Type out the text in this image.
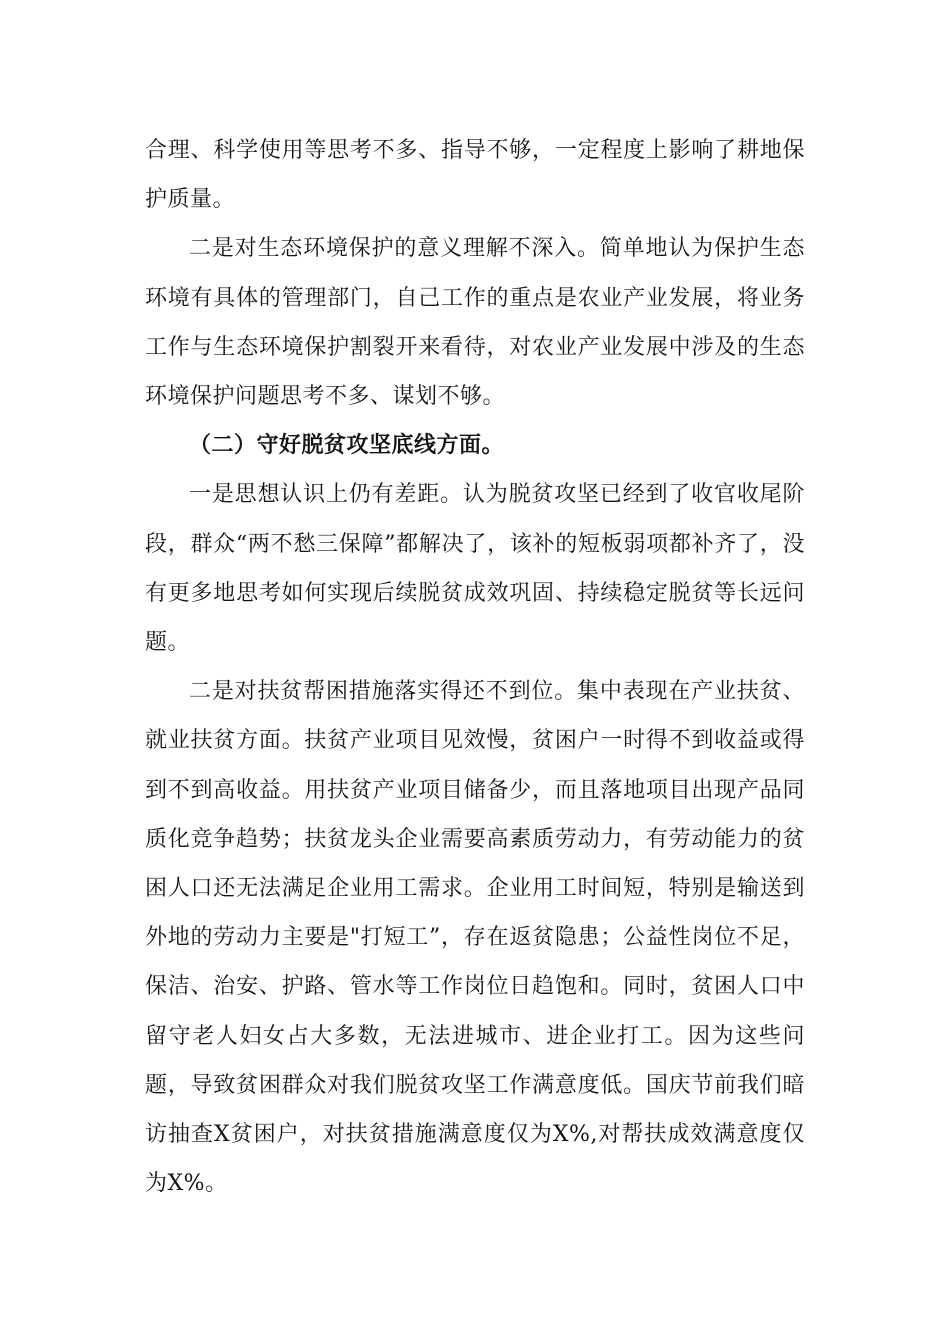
合理、科学使用等思考不多、指导不够，一定程度上影响了耕地保护质量。

二是对生态环境保护的意义理解不深入。简单地认为保护生态环境有具体的管理部门，自己工作的重点是农业产业发展，将业务工作与生态环境保护割裂开来看待，对农业产业发展中涉及的生态环境保护问题思考不多、谋划不够。

（二）守好脱贫攻坚底线方面。

一是思想认识上仍有差距。认为脱贫攻坚已经到了收官收尾阶段，群众“两不愁三保障”都解决了，该补的短板弱项都补齐了，没有更多地思考如何实现后续脱贫成效巩固、持续稳定脱贫等长远问题。

二是对扶贫帮困措施落实得还不到位。集中表现在产业扶贫、就业扶贫方面。扶贫产业项目见效慢，贫困户一时得不到收益或得到不到高收益。用扶贫产业项目储备少，而且落地项目出现产品同质化竞争趋势；扶贫龙头企业需要高素质劳动力，有劳动能力的贫困人口还无法满足企业用工需求。企业用工时间短，特别是输送到外地的劳动力主要是"打短工”，存在返贫隐患；公益性岗位不足，保洁、治安、护路、管水等工作岗位日趋饱和。同时，贫困人口中留守老人妇女占大多数，无法进城市、进企业打工。因为这些问题，导致贫困群众对我们脱贫攻坚工作满意度低。国庆节前我们暗访抽查X贫困户，对扶贫措施满意度仅为X%,对帮扶成效满意度仅为X%。
